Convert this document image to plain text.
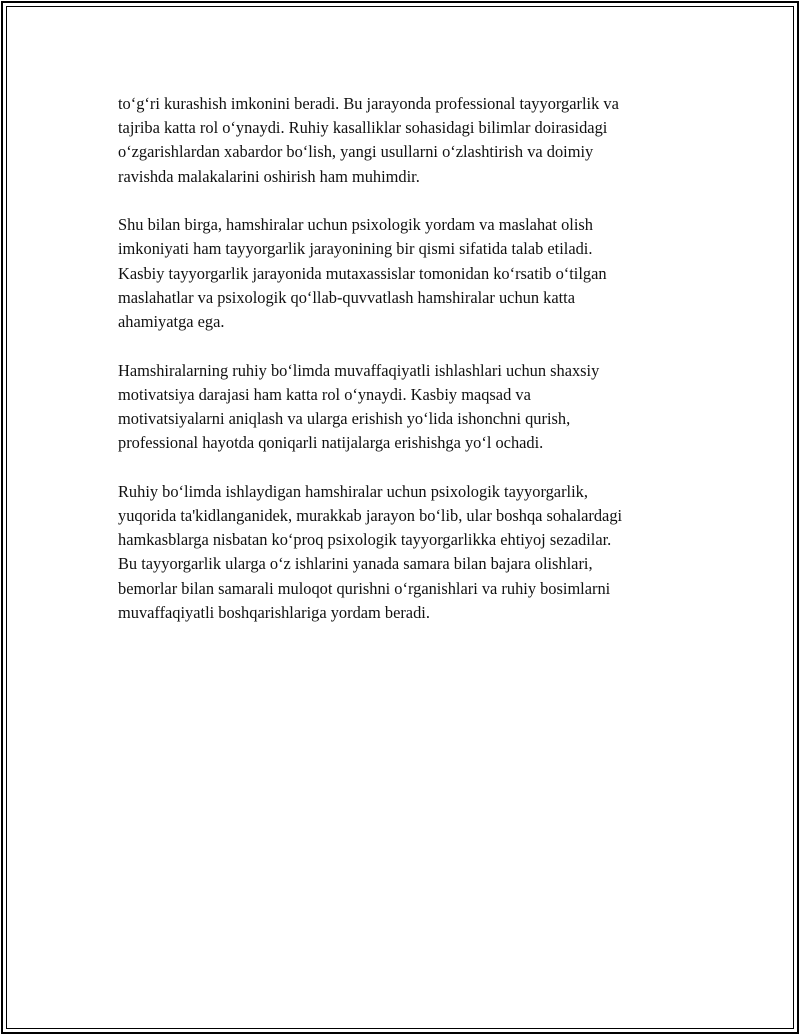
to‘g‘ri kurashish imkonini beradi. Bu jarayonda professional tayyorgarlik va
tajriba katta rol o‘ynaydi. Ruhiy kasalliklar sohasidagi bilimlar doirasidagi
o‘zgarishlardan xabardor bo‘lish, yangi usullarni o‘zlashtirish va doimiy
ravishda malakalarini oshirish ham muhimdir.

Shu bilan birga, hamshiralar uchun psixologik yordam va maslahat olish
imkoniyati ham tayyorgarlik jarayonining bir qismi sifatida talab etiladi.
Kasbiy tayyorgarlik jarayonida mutaxassislar tomonidan ko‘rsatib o‘tilgan
maslahatlar va psixologik qo‘llab-quvvatlash hamshiralar uchun katta
ahamiyatga ega.

Hamshiralarning ruhiy bo‘limda muvaffaqiyatli ishlashlari uchun shaxsiy
motivatsiya darajasi ham katta rol o‘ynaydi. Kasbiy maqsad va
motivatsiyalarni aniqlash va ularga erishish yo‘lida ishonchni qurish,
professional hayotda qoniqarli natijalarga erishishga yo‘l ochadi.

Ruhiy bo‘limda ishlaydigan hamshiralar uchun psixologik tayyorgarlik,
yuqorida ta'kidlanganidek, murakkab jarayon bo‘lib, ular boshqa sohalardagi
hamkasblarga nisbatan ko‘proq psixologik tayyorgarlikka ehtiyoj sezadilar.
Bu tayyorgarlik ularga o‘z ishlarini yanada samara bilan bajara olishlari,
bemorlar bilan samarali muloqot qurishni o‘rganishlari va ruhiy bosimlarni
muvaffaqiyatli boshqarishlariga yordam beradi.
